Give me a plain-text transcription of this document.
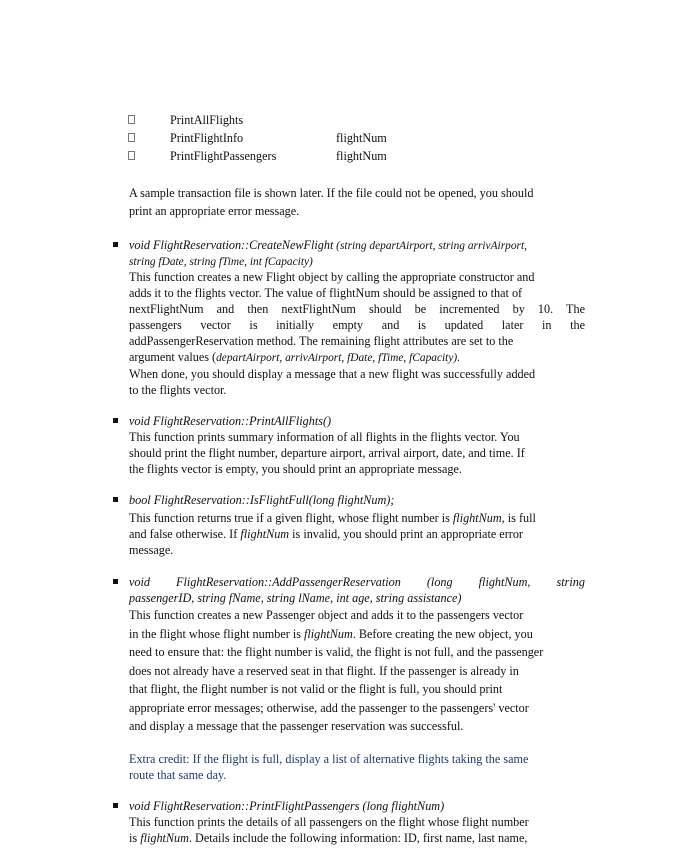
PrintAllFlights
PrintFlightInfo	flightNum
PrintFlightPassengers	flightNum
A sample transaction file is shown later. If the file could not be opened, you should
print an appropriate error message.
void FlightReservation::CreateNewFlight (string departAirport, string arrivAirport,
string fDate, string fTime, int fCapacity)
This function creates a new Flight object by calling the appropriate constructor and
adds it to the flights vector. The value of flightNum should be assigned to that of
nextFlightNum and then nextFlightNum should be incremented by 10. The
passengers vector is initially empty and is updated later in the
addPassengerReservation method. The remaining flight attributes are set to the
argument values (departAirport, arrivAirport, fDate, fTime, fCapacity).
When done, you should display a message that a new flight was successfully added
to the flights vector.
void FlightReservation::PrintAllFlights()
This function prints summary information of all flights in the flights vector. You
should print the flight number, departure airport, arrival airport, date, and time. If
the flights vector is empty, you should print an appropriate message.
bool FlightReservation::IsFlightFull(long flightNum);
This function returns true if a given flight, whose flight number is flightNum, is full
and false otherwise. If flightNum is invalid, you should print an appropriate error
message.
void FlightReservation::AddPassengerReservation (long flightNum, string
passengerID, string fName, string lName, int age, string assistance)
This function creates a new Passenger object and adds it to the passengers vector
in the flight whose flight number is flightNum. Before creating the new object, you
need to ensure that: the flight number is valid, the flight is not full, and the passenger
does not already have a reserved seat in that flight. If the passenger is already in
that flight, the flight number is not valid or the flight is full, you should print
appropriate error messages; otherwise, add the passenger to the passengers' vector
and display a message that the passenger reservation was successful.
Extra credit: If the flight is full, display a list of alternative flights taking the same
route that same day.
void FlightReservation::PrintFlightPassengers (long flightNum)
This function prints the details of all passengers on the flight whose flight number
is flightNum. Details include the following information: ID, first name, last name,
